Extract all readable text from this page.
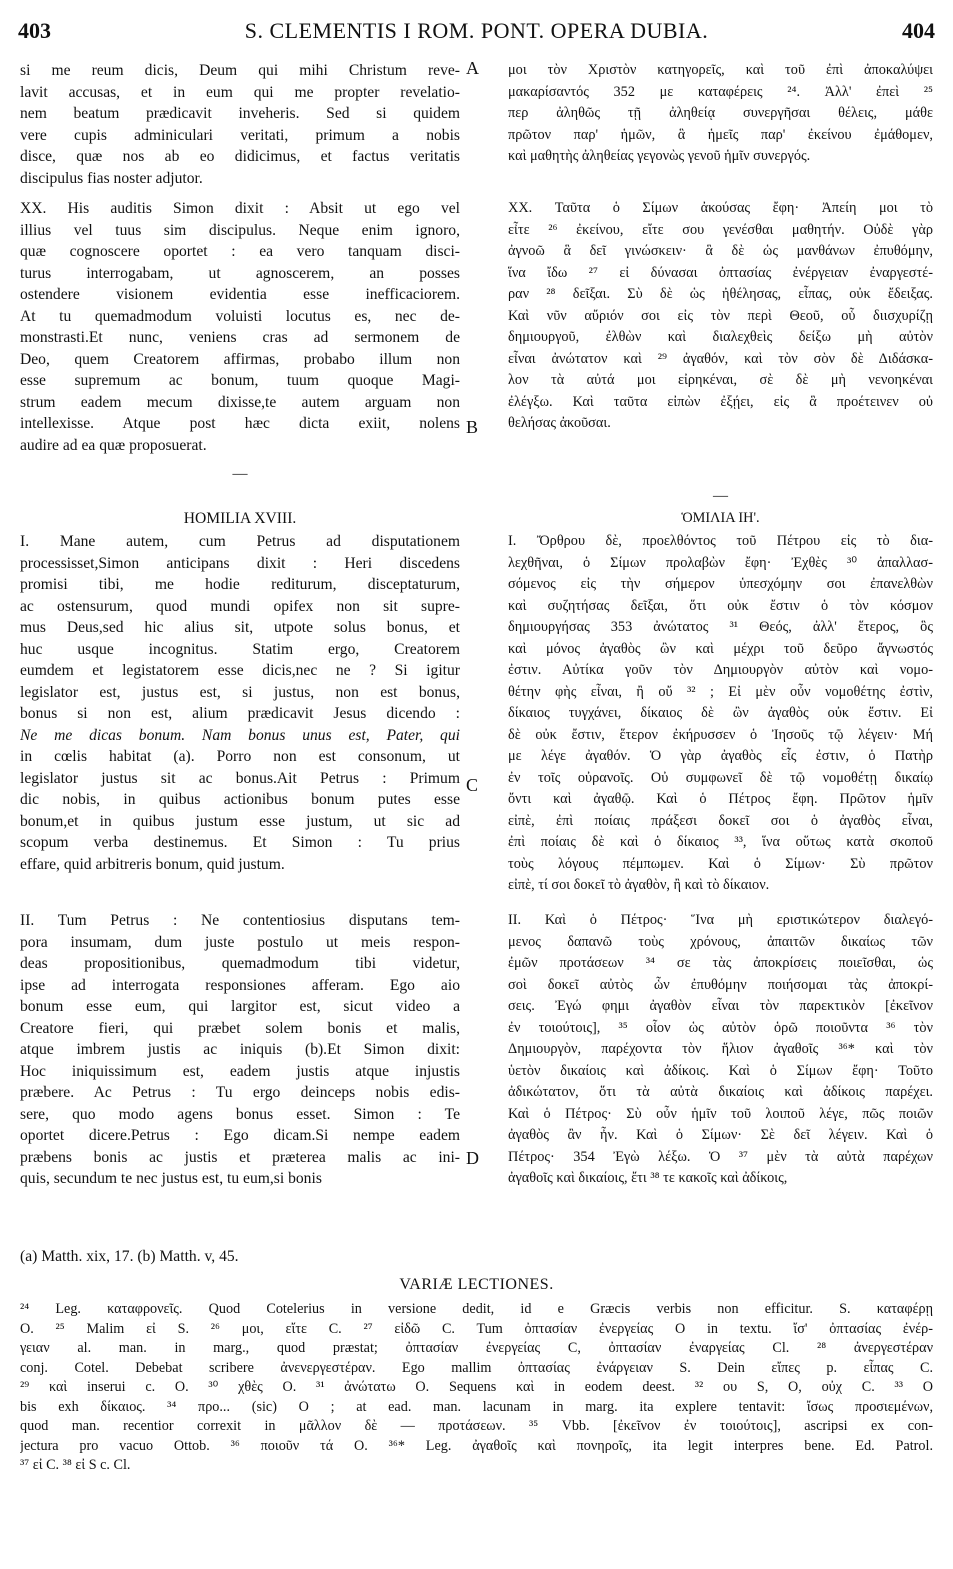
403	S. CLEMENTIS I ROM. PONT. OPERA DUBIA.	404
si me reum dicis, Deum qui mihi Christum reve-
lavit accusas, et in eum qui me propter revelatio-
nem beatum prædicavit inveheris. Sed si quidem
vere cupis adminiculari veritati, primum a nobis
disce, quæ nos ab eo didicimus, et factus veritatis
discipulus fias noster adjutor.
XX. His auditis Simon dixit : Absit ut ego vel
illius vel tuus sim discipulus. Neque enim ignoro,
quæ cognoscere oportet : ea vero tanquam disci-
turus interrogabam, ut agnoscerem, an posses
ostendere visionem evidentia esse inefficaciorem.
At tu quemadmodum voluisti locutus es, nec de-
monstrasti.Et nunc, veniens cras ad sermonem de
Deo, quem Creatorem affirmas, probabo illum non
esse supremum ac bonum, tuum quoque Magi-
strum eadem mecum dixisse,te autem arguam non
intellexisse. Atque post hæc dicta exiit, nolens
audire ad ea quæ proposuerat.
—
HOMILIA XVIII.
I. Mane autem, cum Petrus ad disputationem
processisset,Simon anticipans dixit : Heri discedens
promisi tibi, me hodie rediturum, disceptaturum,
ac ostensurum, quod mundi opifex non sit supre-
mus Deus,sed hic alius sit, utpote solus bonus, et
huc usque incognitus. Statim ergo, Creatorem
eumdem et legistatorem esse dicis,nec ne ? Si igitur
legislator est, justus est, si justus, non est bonus,
bonus si non est, alium prædicavit Jesus dicendo :
Ne me dicas bonum. Nam bonus unus est, Pater, qui
in cœlis habitat (a). Porro non est consonum, ut
legislator justus sit ac bonus.Ait Petrus : Primum
dic nobis, in quibus actionibus bonum putes esse
bonum,et in quibus justum esse justum, ut sic ad
scopum verba destinemus. Et Simon : Tu prius
effare, quid arbitreris bonum, quid justum.
II. Tum Petrus : Ne contentiosius disputans tem-
pora insumam, dum juste postulo ut meis respon-
deas propositionibus, quemadmodum tibi videtur,
ipse ad interrogata responsiones afferam. Ego aio
bonum esse eum, qui largitor est, sicut video a
Creatore fieri, qui præbet solem bonis et malis,
atque imbrem justis ac iniquis (b).Et Simon dixit:
Hoc iniquissimum est, eadem justis atque injustis
præbere. Ac Petrus : Tu ergo deinceps nobis edis-
sere, quo modo agens bonus esset. Simon : Te
oportet dicere.Petrus : Ego dicam.Si nempe eadem
præbens bonis ac justis et præterea malis ac ini-
quis, secundum te nec justus est, tu eum,si bonis
A
B
C
D
μοι τὸν Χριστὸν κατηγορεῖς, καὶ τοῦ ἐπὶ ἀποκαλύψει
μακαρίσαντός 352 με καταφέρεις ²⁴. Ἀλλ' ἐπεὶ ²⁵
περ ἀληθῶς τῇ ἀληθείᾳ συνεργῆσαι θέλεις, μάθε
πρῶτον παρ' ἡμῶν, ἃ ἡμεῖς παρ' ἐκείνου ἐμάθομεν,
καὶ μαθητὴς ἀληθείας γεγονὼς γενοῦ ἡμῖν συνεργός.
XX. Ταῦτα ὁ Σίμων ἀκούσας ἔφη· Ἀπείη μοι τὸ
εἶτε ²⁶ ἐκείνου, εἴτε σου γενέσθαι μαθητήν. Οὐδὲ γὰρ
ἀγνοῶ ἃ δεῖ γινώσκειν· ἃ δὲ ὡς μανθάνων ἐπυθόμην,
ἵνα ἴδω ²⁷ εἰ δύνασαι ὀπτασίας ἐνέργειαν ἐναργεστέ-
ραν ²⁸ δεῖξαι. Σὺ δὲ ὡς ἠθέλησας, εἶπας, οὐκ ἔδειξας.
Καὶ νῦν αὔριόν σοι εἰς τὸν περὶ Θεοῦ, οὗ διισχυρίζῃ
δημιουργοῦ, ἐλθὼν καὶ διαλεχθεὶς δείξω μὴ αὐτὸν
εἶναι ἀνώτατον καὶ ²⁹ ἀγαθόν, καὶ τὸν σὸν δὲ Διδάσκα-
λον τὰ αὐτά μοι εἰρηκέναι, σὲ δὲ μὴ νενοηκέναι
ἐλέγξω. Καὶ ταῦτα εἰπὼν ἐξῄει, εἰς ἃ προέτεινεν οὐ
θελήσας ἀκοῦσαι.
—
ὉΜΙΛΙΑ ΙΗ'.
I. Ὄρθρου δὲ, προελθόντος τοῦ Πέτρου εἰς τὸ δια-
λεχθῆναι, ὁ Σίμων προλαβὼν ἔφη· Ἐχθὲς ³⁰ ἀπαλλασ-
σόμενος εἰς τὴν σήμερον ὑπεσχόμην σοι ἐπανελθὼν
καὶ συζητήσας δεῖξαι, ὅτι οὐκ ἔστιν ὁ τὸν κόσμον
δημιουργήσας 353 ἀνώτατος ³¹ Θεός, ἀλλ' ἕτερος, ὃς
καὶ μόνος ἀγαθὸς ὢν καὶ μέχρι τοῦ δεῦρο ἄγνωστός
ἐστιν. Αὐτίκα γοῦν τὸν Δημιουργὸν αὐτὸν καὶ νομο-
θέτην φὴς εἶναι, ἢ οὔ ³² ; Εἰ μὲν οὖν νομοθέτης ἐστὶν,
δίκαιος τυγχάνει, δίκαιος δὲ ὢν ἀγαθὸς οὐκ ἔστιν. Εἰ
δὲ οὐκ ἔστιν, ἕτερον ἐκήρυσσεν ὁ Ἰησοῦς τῷ λέγειν· Μή
με λέγε ἀγαθόν. Ὁ γὰρ ἀγαθὸς εἷς ἐστιν, ὁ Πατὴρ
ἐν τοῖς οὐρανοῖς. Οὐ συμφωνεῖ δὲ τῷ νομοθέτῃ δικαίῳ
ὄντι καὶ ἀγαθῷ. Καὶ ὁ Πέτρος ἔφη. Πρῶτον ἡμῖν
εἰπὲ, ἐπὶ ποίαις πράξεσι δοκεῖ σοι ὁ ἀγαθὸς εἶναι,
ἐπὶ ποίαις δὲ καὶ ὁ δίκαιος ³³, ἵνα οὕτως κατὰ σκοποῦ
τοὺς λόγους πέμπωμεν. Καὶ ὁ Σίμων· Σὺ πρῶτον
εἰπὲ, τί σοι δοκεῖ τὸ ἀγαθὸν, ἢ καὶ τὸ δίκαιον.
II. Καὶ ὁ Πέτρος· Ἵνα μὴ εριστικώτερον διαλεγό-
μενος δαπανῶ τοὺς χρόνους, ἀπαιτῶν δικαίως τῶν
ἐμῶν προτάσεων ³⁴ σε τὰς ἀποκρίσεις ποιεῖσθαι, ὡς
σοὶ δοκεῖ αὐτὸς ὧν ἐπυθόμην ποιήσομαι τὰς ἀποκρί-
σεις. Ἐγώ φημι ἀγαθὸν εἶναι τὸν παρεκτικὸν [ἐκεῖνον
ἐν τοιούτοις], ³⁵ οἷον ὡς αὐτὸν ὁρῶ ποιοῦντα ³⁶ τὸν
Δημιουργὸν, παρέχοντα τὸν ἥλιον ἀγαθοῖς ³⁶* καὶ τὸν
ὑετὸν δικαίοις καὶ ἀδίκοις. Καὶ ὁ Σίμων ἔφη· Τοῦτο
ἀδικώτατον, ὅτι τὰ αὐτὰ δικαίοις καὶ ἀδίκοις παρέχει.
Καὶ ὁ Πέτρος· Σὺ οὖν ἡμῖν τοῦ λοιποῦ λέγε, πῶς ποιῶν
ἀγαθὸς ἂν ἦν. Καὶ ὁ Σίμων· Σὲ δεῖ λέγειν. Καὶ ὁ
Πέτρος· 354 Ἐγὼ λέξω. Ὁ ³⁷ μὲν τὰ αὐτὰ παρέχων
ἀγαθοῖς καὶ δικαίοις, ἔτι ³⁸ τε κακοῖς καὶ ἀδίκοις,
(a) Matth. xix, 17. (b) Matth. v, 45.
VARIÆ LECTIONES.
²⁴ Leg. καταφρονεῖς. Quod Cotelerius in versione dedit, id e Græcis verbis non efficitur. S. καταφέρῃ
O. ²⁵ Malim εἰ S. ²⁶ μοι, εἴτε C. ²⁷ εἰδῶ C. Tum ὀπτασίαν ἐνεργείας O in textu. ἴσ' ὀπτασίας ἐνέρ-
γειαν al. man. in marg., quod præstat; ὀπτασίαν ἐνεργείας C, ὀπτασίαν ἐναργείας Cl. ²⁸ ἀνεργεστέραν
conj. Cotel. Debebat scribere ἀνενεργεστέραν. Ego mallim ὀπτασίας ἐνάργειαν S. Dein εἴπες p. εἶπας C.
²⁹ καὶ inserui c. O. ³⁰ χθὲς O. ³¹ ἀνώτατω O. Sequens καὶ in eodem deest. ³² ου S, O, οὐχ C. ³³ O
bis exh δίκαιος. ³⁴ προ... (sic) O ; at ead. man. lacunam in marg. ita explere tentavit: ἴσως προσιεμένων,
quod man. recentior correxit in μᾶλλον δὲ — προτάσεων. ³⁵ Vbb. [ἐκεῖνον ἐν τοιούτοις], ascripsi ex con-
jectura pro vacuo Ottob. ³⁶ ποιοῦν τά O. ³⁶* Leg. ἀγαθοῖς καὶ πονηροῖς, ita legit interpres bene. Ed. Patrol.
³⁷ εἰ C. ³⁸ εἰ S c. Cl.
